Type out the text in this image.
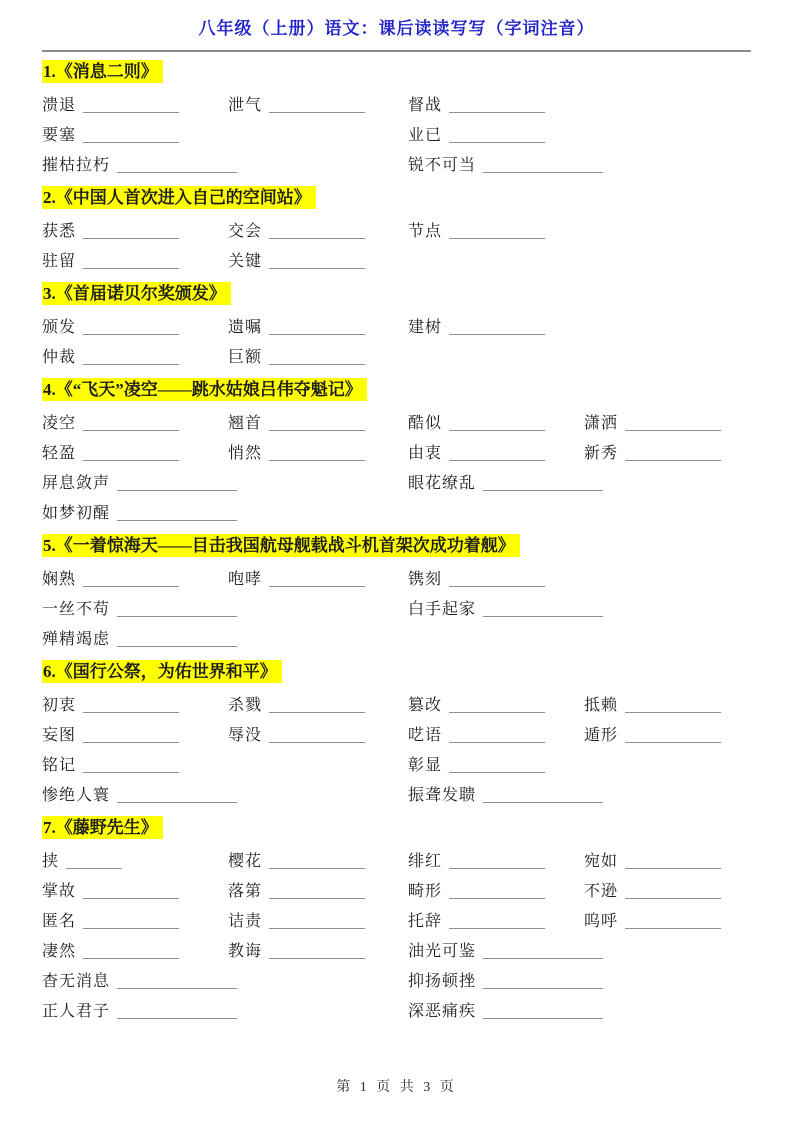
八年级（上册）语文：课后读读写写（字词注音）
1.《消息二则》
溃退	泄气	督战
要塞	业已
摧枯拉朽	锐不可当
2.《中国人首次进入自己的空间站》
获悉	交会	节点
驻留	关键
3.《首届诺贝尔奖颁发》
颁发	遗嘱	建树
仲裁	巨额
4.《“飞天”凌空——跳水姑娘吕伟夺魁记》
凌空	翘首	酷似	潇洒
轻盈	悄然	由衷	新秀
屏息敛声	眼花缭乱
如梦初醒
5.《一着惊海天——目击我国航母舰载战斗机首架次成功着舰》
娴熟	咆哮	镌刻
一丝不苟	白手起家
殚精竭虑
6.《国行公祭，为佑世界和平》
初衷	杀戮	篡改	抵赖
妄图	辱没	呓语	遁形
铭记	彰显
惨绝人寰	振聋发聩
7.《藤野先生》
挟	樱花	绯红	宛如
掌故	落第	畸形	不逊
匿名	诘责	托辞	呜呼
凄然	教诲	油光可鉴
杳无消息	抑扬顿挫
正人君子	深恶痛疾
第 1 页 共 3 页
